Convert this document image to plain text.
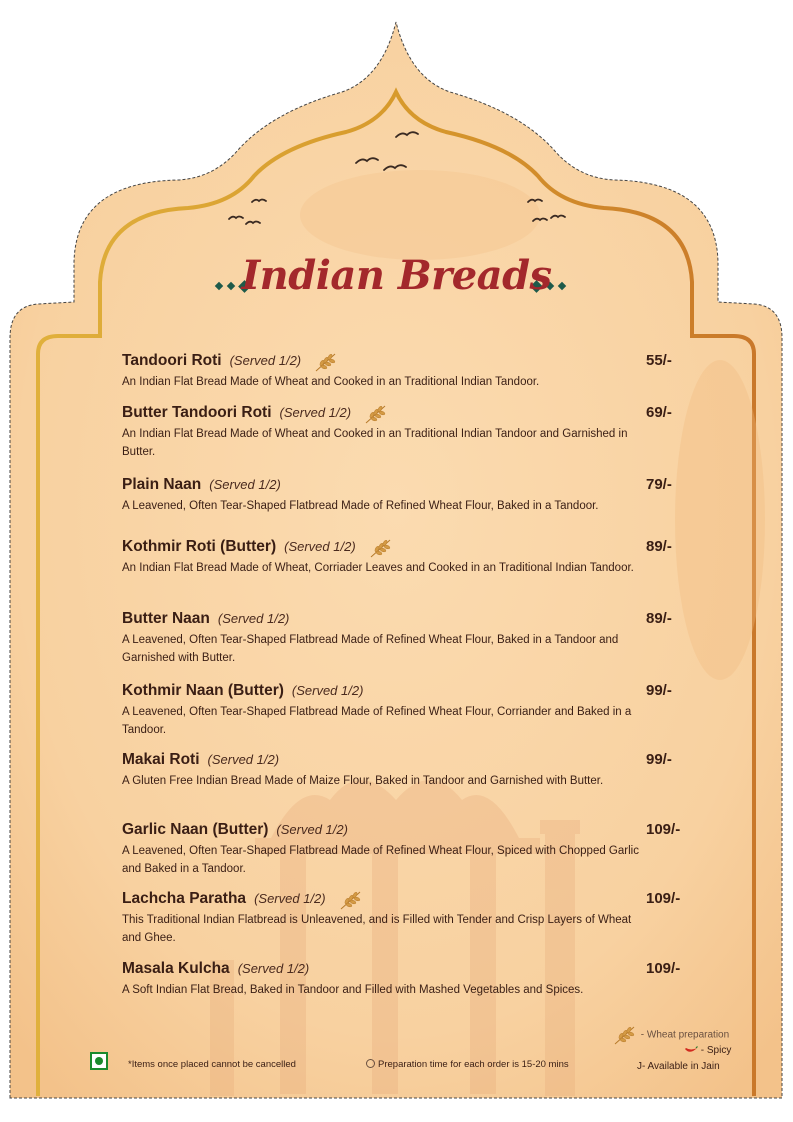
Indian Breads
Tandoori Roti (Served 1/2)	55/-
An Indian Flat Bread Made of Wheat and Cooked in an Traditional Indian Tandoor.
Butter Tandoori Roti (Served 1/2)	69/-
An Indian Flat Bread Made of Wheat and Cooked in an Traditional Indian Tandoor and Garnished in Butter.
Plain Naan (Served 1/2)	79/-
A Leavened, Often Tear-Shaped Flatbread Made of Refined Wheat Flour, Baked in a Tandoor.
Kothmir Roti (Butter) (Served 1/2)	89/-
An Indian Flat Bread Made of Wheat, Corriader Leaves and Cooked in an Traditional Indian Tandoor.
Butter Naan (Served 1/2)	89/-
A Leavened, Often Tear-Shaped Flatbread Made of Refined Wheat Flour, Baked in a Tandoor and Garnished with Butter.
Kothmir Naan (Butter) (Served 1/2)	99/-
A Leavened, Often Tear-Shaped Flatbread Made of Refined Wheat Flour, Corriander and Baked in a Tandoor.
Makai Roti (Served 1/2)	99/-
A Gluten Free Indian Bread Made of Maize Flour, Baked in Tandoor and Garnished with Butter.
Garlic Naan (Butter) (Served 1/2)	109/-
A Leavened, Often Tear-Shaped Flatbread Made of Refined Wheat Flour, Spiced with Chopped Garlic and Baked in a Tandoor.
Lachcha Paratha (Served 1/2)	109/-
This Traditional Indian Flatbread is Unleavened, and is Filled with Tender and Crisp Layers of Wheat and Ghee.
Masala Kulcha (Served 1/2)	109/-
A Soft Indian Flat Bread, Baked in Tandoor and Filled with Mashed Vegetables and Spices.
*Items once placed cannot be cancelled	Preparation time for each order is 15-20 mins
- Wheat preparation
- Spicy
J- Available in Jain
